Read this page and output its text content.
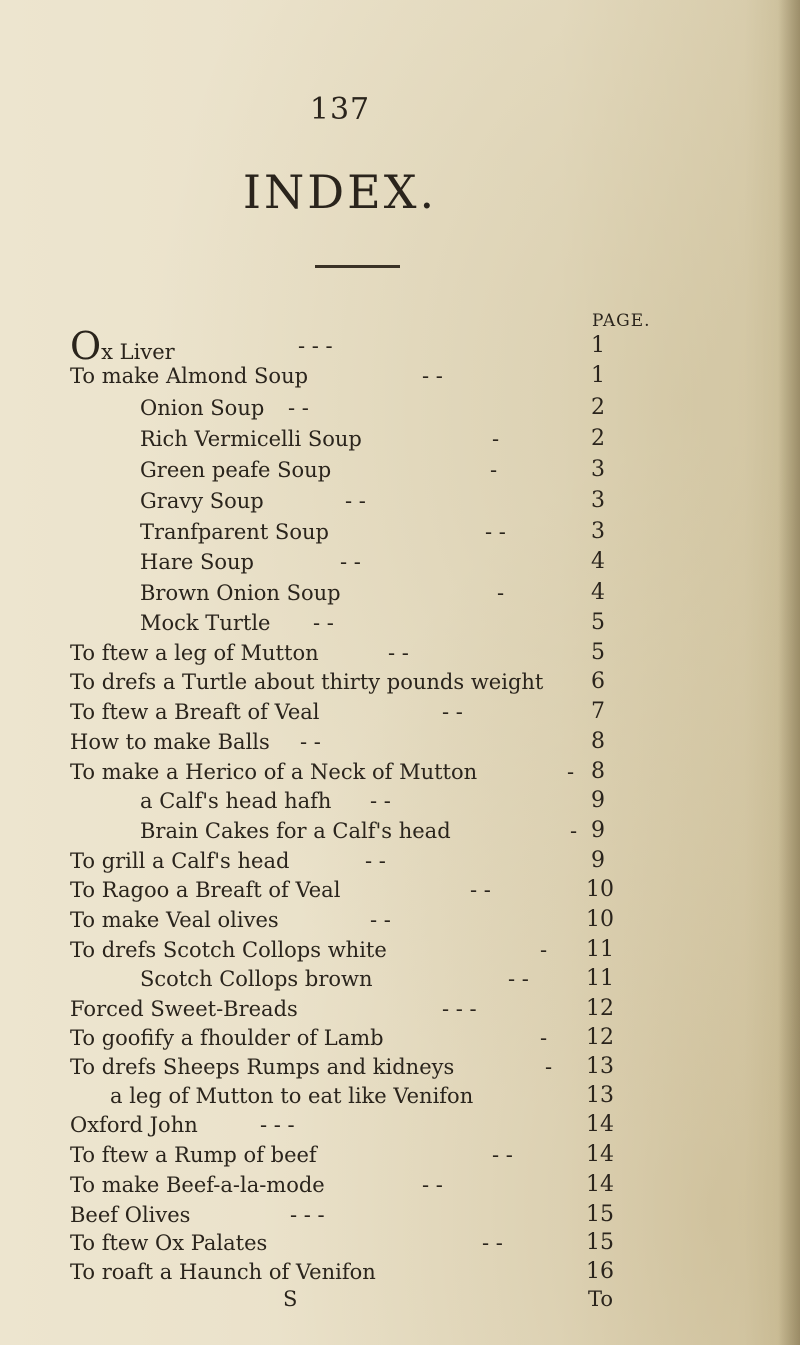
137
INDEX.
PAGE.
Ox Liver	- - -	1
To make Almond Soup	- -	1
Onion Soup - -	2
Rich Vermicelli Soup	-	2
Green peafe Soup	-	3
Gravy Soup	- -	3
Tranfparent Soup	- -	3
Hare Soup	- -	4
Brown Onion Soup	-	4
Mock Turtle - -	5
To ftew a leg of Mutton	- -	5
To drefs a Turtle about thirty pounds weight 6
To ftew a Breaft of Veal	- -	7
How to make Balls - -	8
To make a Herico of a Neck of Mutton	- 8
a Calf's head hafh - -	9
Brain Cakes for a Calf's head	- 9
To grill a Calf's head	- -	9
To Ragoo a Breaft of Veal	- -	10
To make Veal olives	- -	10
To drefs Scotch Collops white	- 11
Scotch Collops brown	- -	11
Forced Sweet-Breads	- - -	12
To goofify a fhoulder of Lamb	- 12
To drefs Sheeps Rumps and kidneys	- 13
a leg of Mutton to eat like Venifon	13
Oxford John	- - -	14
To ftew a Rump of beef	- -	14
To make Beef-a-la-mode	- -	14
Beef Olives	- - -	15
To ftew Ox Palates	- -	15
To roaft a Haunch of Venifon	16
S	To
